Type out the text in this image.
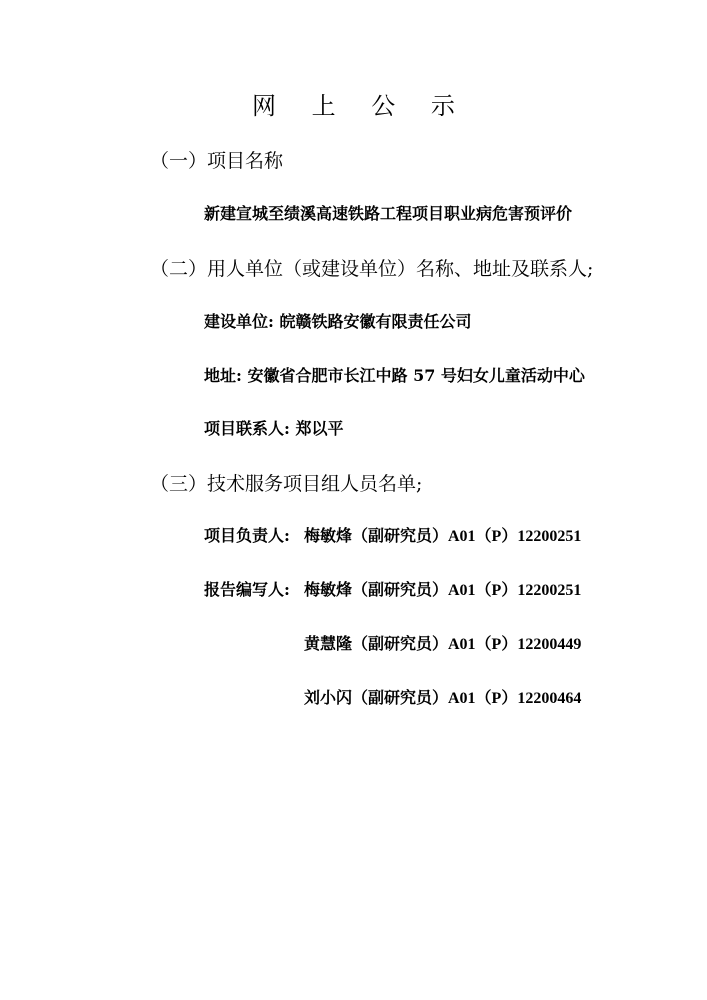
网 上 公 示
（一）项目名称
新建宣城至绩溪高速铁路工程项目职业病危害预评价
（二）用人单位（或建设单位）名称、地址及联系人;
建设单位: 皖赣铁路安徽有限责任公司
地址: 安徽省合肥市长江中路 57 号妇女儿童活动中心
项目联系人: 郑以平
（三）技术服务项目组人员名单;
项目负责人: 梅敏烽（副研究员）A01（P）12200251
报告编写人: 梅敏烽（副研究员）A01（P）12200251
黄慧隆（副研究员）A01（P）12200449
刘小闪（副研究员）A01（P）12200464
